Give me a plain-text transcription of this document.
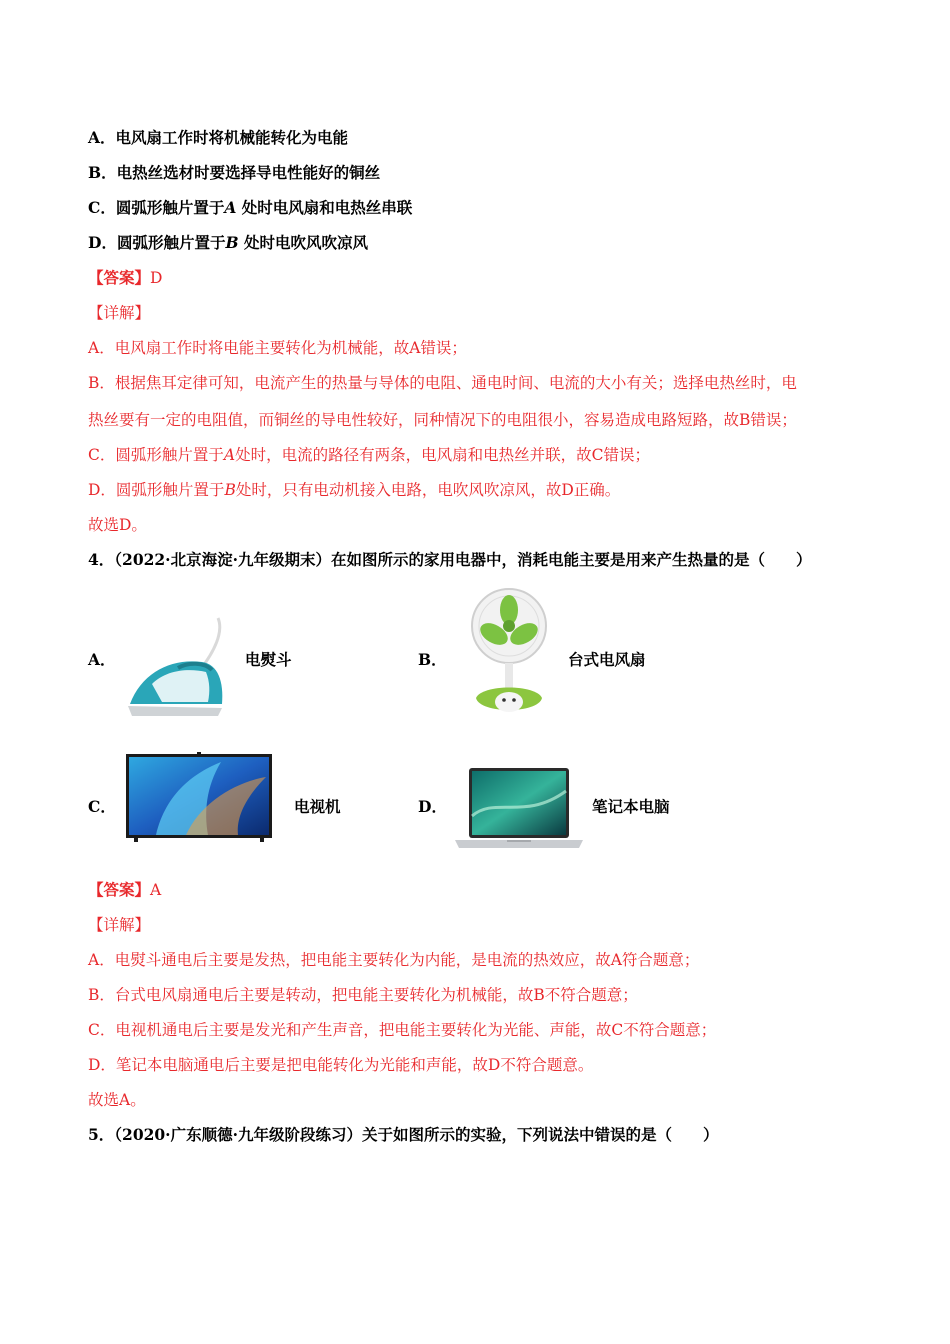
A．电风扇工作时将机械能转化为电能
B．电热丝选材时要选择导电性能好的铜丝
C．圆弧形触片置于A 处时电风扇和电热丝串联
D．圆弧形触片置于B 处时电吹风吹凉风
【答案】D
【详解】
A．电风扇工作时将电能主要转化为机械能，故A错误；
B．根据焦耳定律可知，电流产生的热量与导体的电阻、通电时间、电流的大小有关；选择电热丝时，电
热丝要有一定的电阻值，而铜丝的导电性较好，同种情况下的电阻很小，容易造成电路短路，故B错误；
C．圆弧形触片置于A处时，电流的路径有两条，电风扇和电热丝并联，故C错误；
D．圆弧形触片置于B处时，只有电动机接入电路，电吹风吹凉风，故D正确。
故选D。
4．（2022·北京海淀·九年级期末）在如图所示的家用电器中，消耗电能主要是用来产生热量的是（　　）
A．	电熨斗	B．	台式电风扇
C．	电视机	D．	笔记本电脑
【答案】A
【详解】
A．电熨斗通电后主要是发热，把电能主要转化为内能，是电流的热效应，故A符合题意；
B．台式电风扇通电后主要是转动，把电能主要转化为机械能，故B不符合题意；
C．电视机通电后主要是发光和产生声音，把电能主要转化为光能、声能，故C不符合题意；
D．笔记本电脑通电后主要是把电能转化为光能和声能，故D不符合题意。
故选A。
5．（2020·广东顺德·九年级阶段练习）关于如图所示的实验，下列说法中错误的是（　　）
